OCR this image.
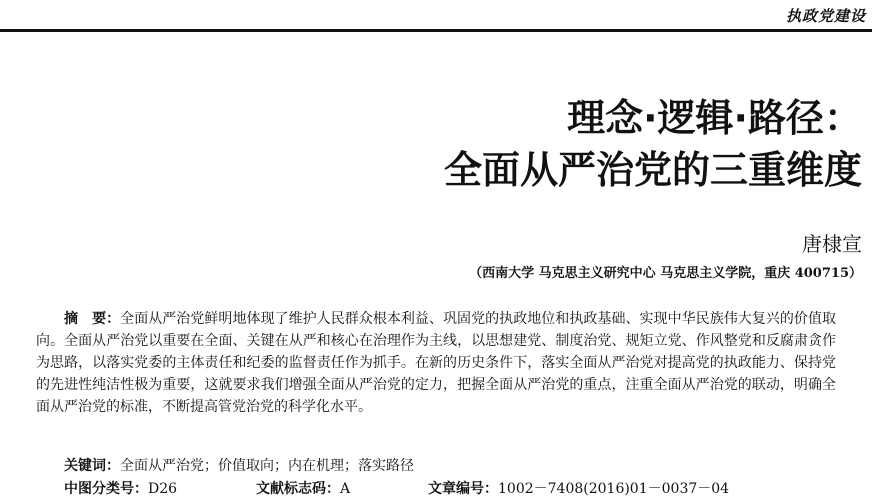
执政党建设
理念·逻辑·路径：
全面从严治党的三重维度
唐棣宣
（西南大学 马克思主义研究中心 马克思主义学院，重庆 400715）
摘　要：全面从严治党鲜明地体现了维护人民群众根本利益、巩固党的执政地位和执政基础、实现中华民族伟大复兴的价值取向。全面从严治党以重要在全面、关键在从严和核心在治理作为主线，以思想建党、制度治党、规矩立党、作风整党和反腐肃贪作为思路，以落实党委的主体责任和纪委的监督责任作为抓手。在新的历史条件下，落实全面从严治党对提高党的执政能力、保持党的先进性纯洁性极为重要，这就要求我们增强全面从严治党的定力，把握全面从严治党的重点，注重全面从严治党的联动，明确全面从严治党的标准，不断提高管党治党的科学化水平。
关键词：全面从严治党；价值取向；内在机理；落实路径
中图分类号：D26	文献标志码：A	文章编号：1002－7408(2016)01－0037－04
